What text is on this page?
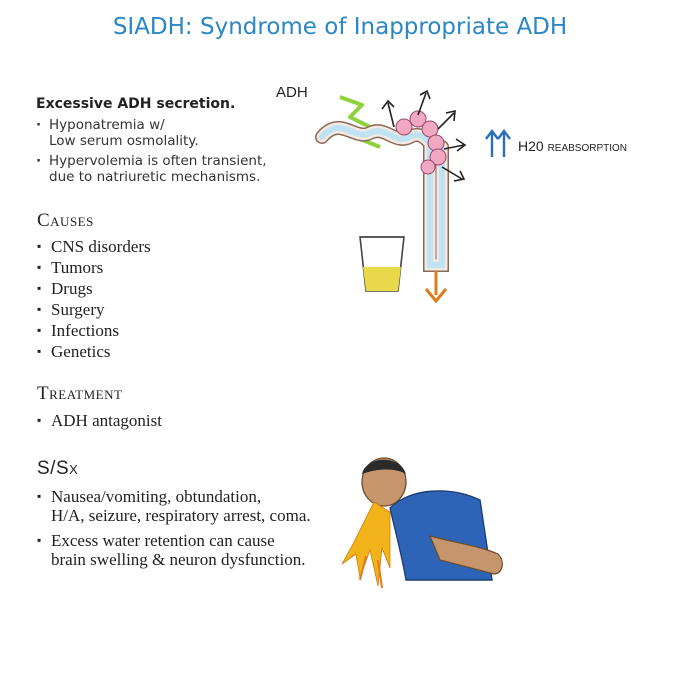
SIADH: Syndrome of Inappropriate ADH
Excessive ADH secretion.
· Hyponatremia w/
Low serum osmolality.
· Hypervolemia is often transient,
due to natriuretic mechanisms.
Causes
▪ CNS disorders
▪ Tumors
▪ Drugs
▪ Surgery
▪ Infections
▪ Genetics
Treatment
▪ ADH antagonist
S/Sx
▪ Nausea/vomiting, obtundation,
H/A, seizure, respiratory arrest, coma.
▪ Excess water retention can cause
brain swelling & neuron dysfunction.
ADH
H20 reabsorption
